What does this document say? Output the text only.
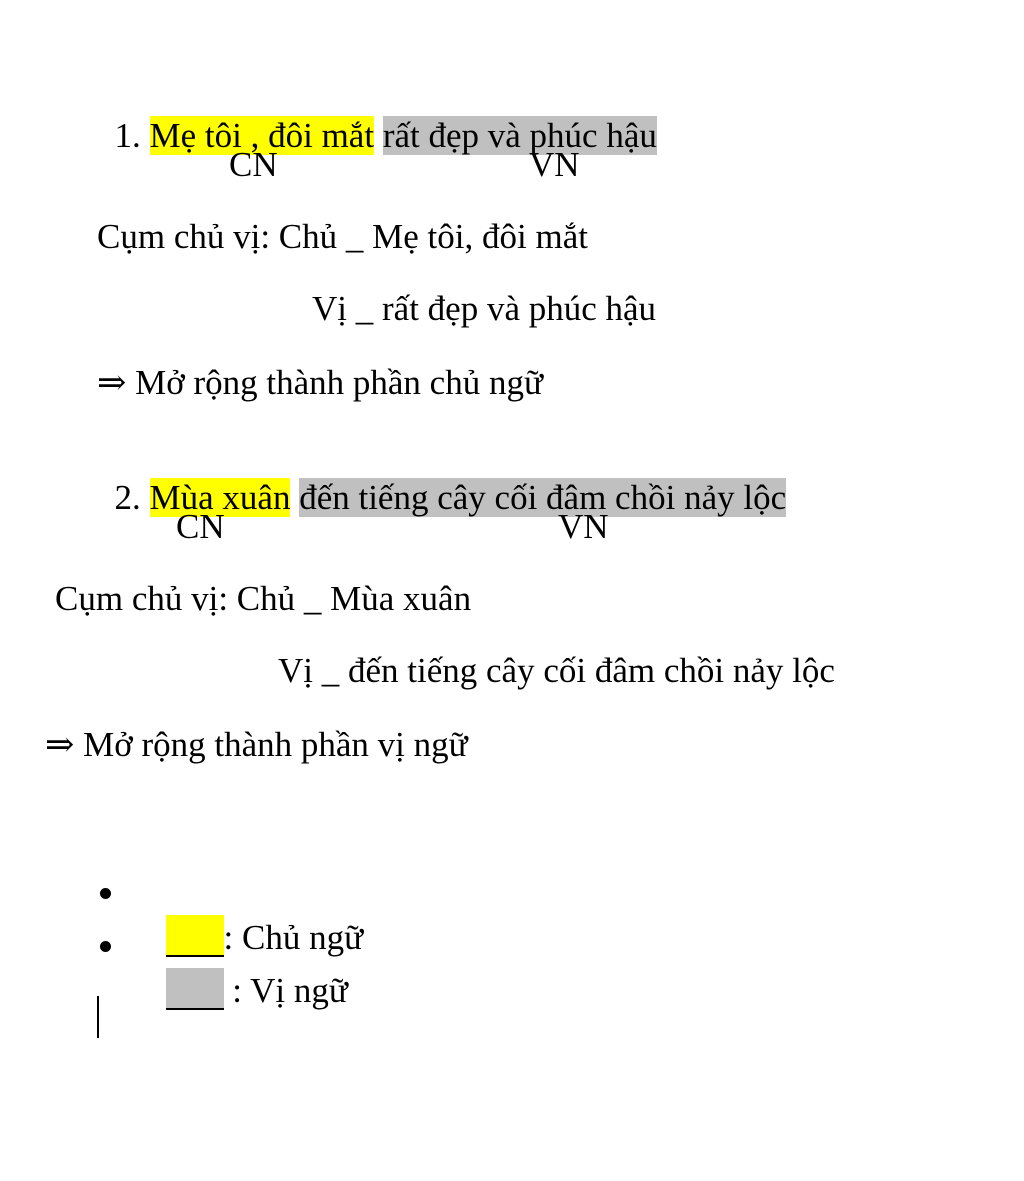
1. Mẹ tôi , đôi mắt rất đẹp và phúc hậu

CN	VN
Cụm chủ vị: Chủ _ Mẹ tôi, đôi mắt
Vị _ rất đẹp và phúc hậu
⇒ Mở rộng thành phần chủ ngữ

2. Mùa xuân đến tiếng cây cối đâm chồi nảy lộc

CN	VN
Cụm chủ vị: Chủ _ Mùa xuân
Vị _ đến tiếng cây cối đâm chồi nảy lộc
⇒ Mở rộng thành phần vị ngữ

: Chủ ngữ

: Vị ngữ
